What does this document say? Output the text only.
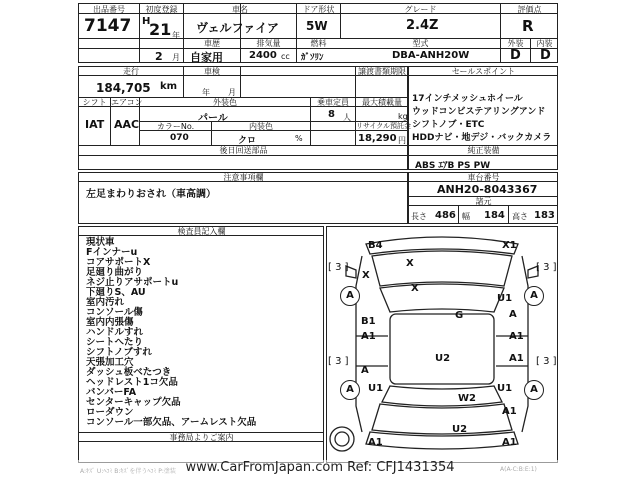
出品番号
7147
初度登録
H
21 年
2 月
車名
ヴェルファイア
ドア形状
5W
グレード
2.4Z
評価点
R
車歴
自家用
排気量
2400 cc
燃料
ｶﾞｿﾘﾝ
型式
DBA-ANH20W
外装
D
内装
D
走行
184,705 km
車検
年 月
譲渡書類期限
シフト
IAT
エアコン
AAC
外装色
パール
乗車定員
8 人
最大積載量
kg
カラーNo.
070
内装色
クロ	%
リサイクル預託金
18,290 円
後日回送部品
セールスポイント
17インチメッシュホイール
ウッドコンビステアリングアンド
シフトノブ・ETC
HDDナビ・地デジ・バックカメラ
純正装備
ABS ｴｱB PS PW
注意事項欄
左足まわりおされ（車高調）
車台番号
ANH20-8043367
諸元
長さ 486 幅 184 高さ 183
検査員記入欄
事務局よりご案内
現状車
Fインナーu
コアサポートX
足廻り曲がり
ネジ止りアサポートu
下廻りS、AU
室内汚れ
コンソール傷
室内内張傷
ハンドルすれ
シートへたり
シフトノブすれ
天張加工穴
ダッシュ板べたつき
ヘッドレスト1コ欠品
バンパーFA
センターキャップ欠品
ローダウン
コンソール一部欠品、アームレスト欠品
B4	X1
X
X
X
A	A
U1
A
B1
A1
G
A1
U2	A1
A	A
U1	U1
A
W2
A1
A1
U2
A1
[ 3 ]	[ 3 ]
[ 3 ]	[ 3 ]
www.CarFromJapan.com Ref: CFJ1431354
